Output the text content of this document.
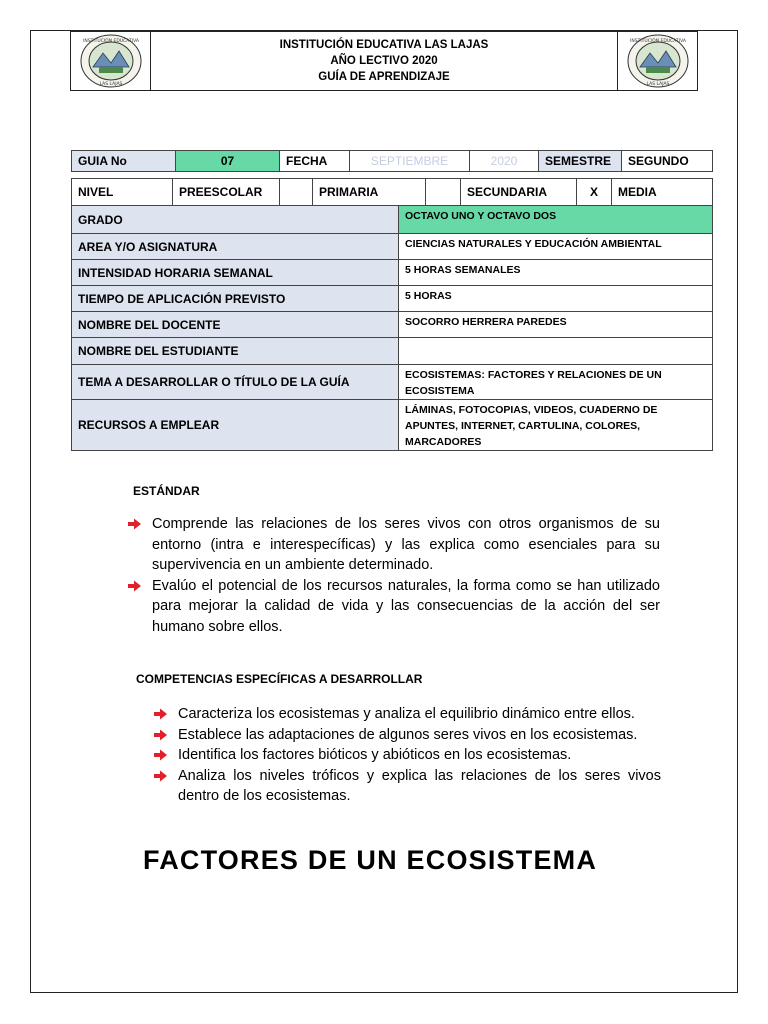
INSTITUCIÓN EDUCATIVA
LAS LAJAS
INSTITUCIÓN EDUCATIVA LAS LAJAS
AÑO LECTIVO 2020
GUÍA DE APRENDIZAJE
INSTITUCIÓN EDUCATIVA
LAS LAJAS
GUIA No	07	FECHA	SEPTIEMBRE	2020	SEMESTRE	SEGUNDO
NIVEL	PREESCOLAR		PRIMARIA		SECUNDARIA	X	MEDIA
GRADO	OCTAVO UNO Y OCTAVO DOS
AREA Y/O ASIGNATURA	CIENCIAS NATURALES Y EDUCACIÓN AMBIENTAL
INTENSIDAD HORARIA SEMANAL	5 HORAS SEMANALES
TIEMPO DE APLICACIÓN PREVISTO	5 HORAS
NOMBRE DEL DOCENTE	SOCORRO HERRERA PAREDES
NOMBRE DEL ESTUDIANTE	
TEMA A DESARROLLAR O TÍTULO DE LA GUÍA	ECOSISTEMAS: FACTORES Y RELACIONES DE UN ECOSISTEMA
RECURSOS A EMPLEAR	LÁMINAS, FOTOCOPIAS, VIDEOS, CUADERNO DE APUNTES, INTERNET, CARTULINA, COLORES, MARCADORES
ESTÁNDAR
Comprende las relaciones de los seres vivos con otros organismos de su entorno (intra e interespecíficas) y las explica como esenciales para su supervivencia en un ambiente determinado.
Evalúo el potencial de los recursos naturales, la forma como se han utilizado para mejorar la calidad de vida y las consecuencias de la acción del ser humano sobre ellos.
COMPETENCIAS ESPECÍFICAS A DESARROLLAR
Caracteriza los ecosistemas y analiza el equilibrio dinámico entre ellos.
Establece las adaptaciones de algunos seres vivos en los ecosistemas.
Identifica los factores bióticos y abióticos en los ecosistemas.
Analiza los niveles tróficos y explica las relaciones de los seres vivos dentro de los ecosistemas.
FACTORES DE UN ECOSISTEMA
